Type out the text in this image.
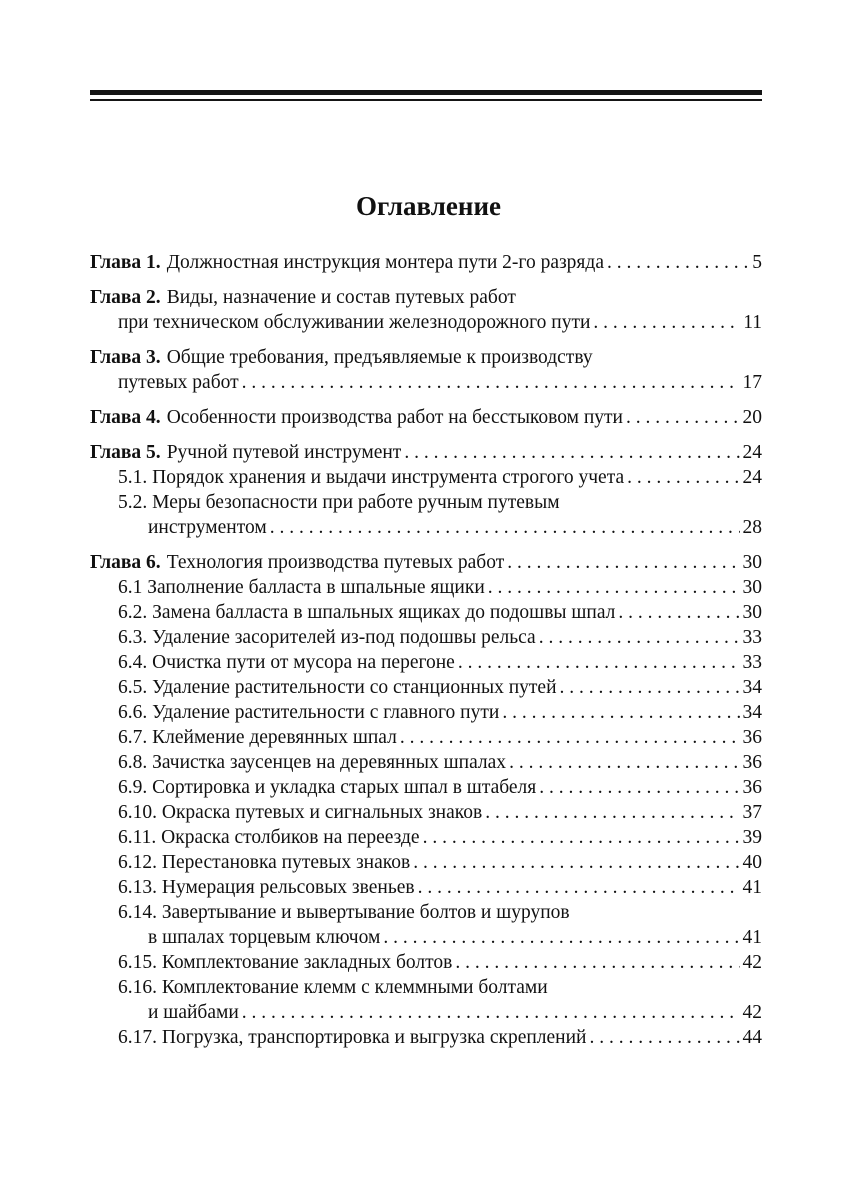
Оглавление
Глава 1. Должностная инструкция монтера пути 2-го разряда . . .	5
Глава 2. Виды, назначение и состав путевых работ
при техническом обслуживании железнодорожного пути . . .	11
Глава 3. Общие требования, предъявляемые к производству
путевых работ . . .	17
Глава 4. Особенности производства работ на бесстыковом пути . . .	20
Глава 5. Ручной путевой инструмент . . .	24
5.1. Порядок хранения и выдачи инструмента строгого учета . . .	24
5.2. Меры безопасности при работе ручным путевым
инструментом . . .	28
Глава 6. Технология производства путевых работ . . .	30
6.1 Заполнение балласта в шпальные ящики . . .	30
6.2. Замена балласта в шпальных ящиках до подошвы шпал . . .	30
6.3. Удаление засорителей из-под подошвы рельса . . .	33
6.4. Очистка пути от мусора на перегоне . . .	33
6.5. Удаление растительности со станционных путей . . .	34
6.6. Удаление растительности с главного пути . . .	34
6.7. Клеймение деревянных шпал . . .	36
6.8. Зачистка заусенцев на деревянных шпалах . . .	36
6.9. Сортировка и укладка старых шпал в штабеля . . .	36
6.10. Окраска путевых и сигнальных знаков . . .	37
6.11. Окраска столбиков на переезде . . .	39
6.12. Перестановка путевых знаков . . .	40
6.13. Нумерация рельсовых звеньев . . .	41
6.14. Завертывание и вывертывание болтов и шурупов
в шпалах торцевым ключом . . .	41
6.15. Комплектование закладных болтов . . .	42
6.16. Комплектование клемм с клеммными болтами
и шайбами . . .	42
6.17. Погрузка, транспортировка и выгрузка скреплений . . .	44
